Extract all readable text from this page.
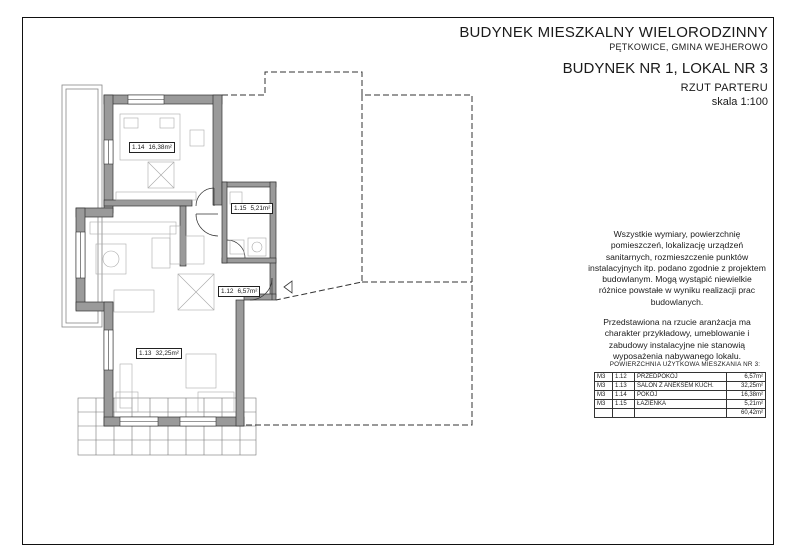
BUDYNEK MIESZKALNY WIELORODZINNY
PĘTKOWICE, GMINA WEJHEROWO
BUDYNEK NR 1, LOKAL NR 3
RZUT PARTERU
skala 1:100
1.14 16,38m²
1.15 5,21m²
1.12 6,57m²
1.13 32,25m²

Wszystkie wymiary, powierzchnię pomieszczeń, lokalizację urządzeń sanitarnych, rozmieszczenie punktów instalacyjnych itp. podano zgodnie z projektem budowlanym. Mogą wystąpić niewielkie różnice powstałe w wyniku realizacji prac budowlanych.

Przedstawiona na rzucie aranżacja ma charakter przykładowy, umeblowanie i zabudowy instalacyjne nie stanowią wyposażenia nabywanego lokalu.

POWIERZCHNIA UŻYTKOWA MIESZKANIA NR 3:
M3	1.12	PRZEDPOKÓJ	6,57m²
M3	1.13	SALON Z ANEKSEM KUCH.	32,25m²
M3	1.14	POKÓJ	16,38m²
M3	1.15	ŁAZIENKA	5,21m²
			60,42m²
